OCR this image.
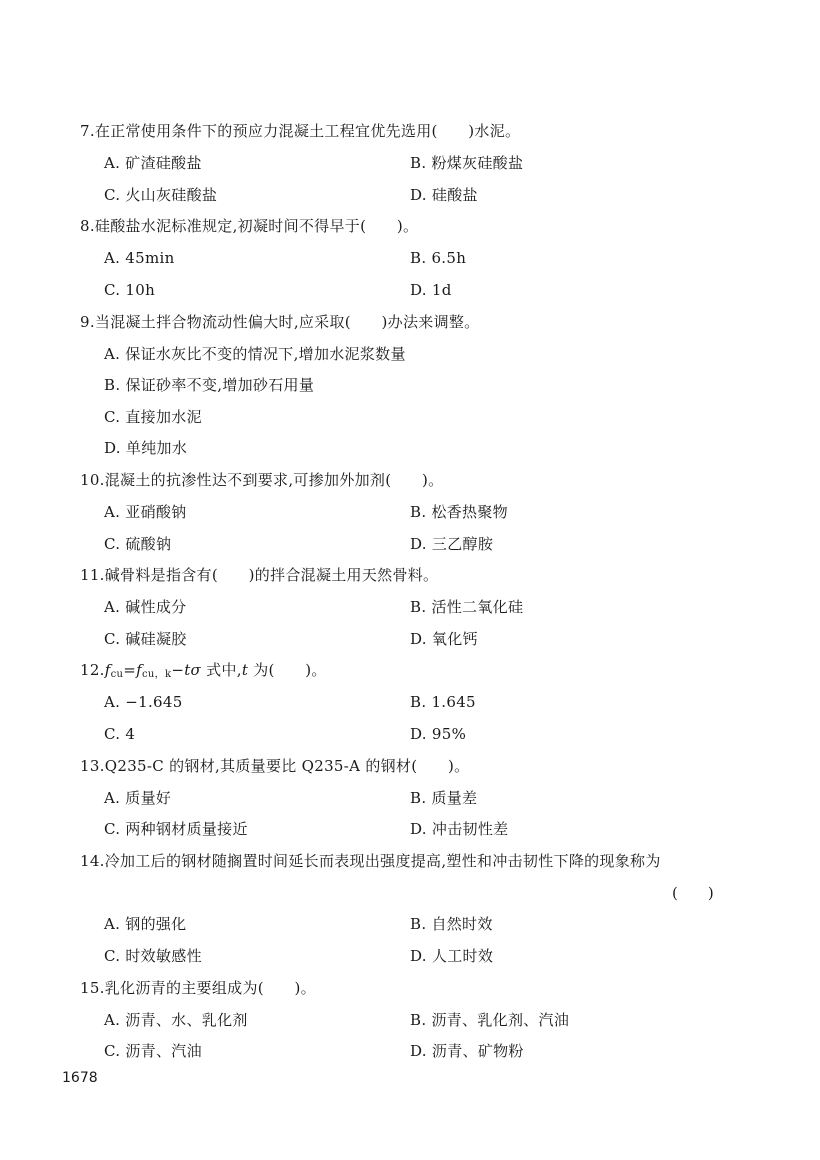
7.在正常使用条件下的预应力混凝土工程宜优先选用(　　)水泥。
A. 矿渣硅酸盐	B. 粉煤灰硅酸盐
C. 火山灰硅酸盐	D. 硅酸盐
8.硅酸盐水泥标准规定,初凝时间不得早于(　　)。
A. 45min	B. 6.5h
C. 10h	D. 1d
9.当混凝土拌合物流动性偏大时,应采取(　　)办法来调整。
A. 保证水灰比不变的情况下,增加水泥浆数量
B. 保证砂率不变,增加砂石用量
C. 直接加水泥
D. 单纯加水
10.混凝土的抗渗性达不到要求,可掺加外加剂(　　)。
A. 亚硝酸钠	B. 松香热聚物
C. 硫酸钠	D. 三乙醇胺
11.碱骨料是指含有(　　)的拌合混凝土用天然骨料。
A. 碱性成分	B. 活性二氧化硅
C. 碱硅凝胶	D. 氧化钙
$12.f_{cu}=f_{cu,k}-t\sigma$ 式中,t 为(　　)。
A. −1.645	B. 1.645
C. 4	D. 95%
13.Q235-C 的钢材,其质量要比 Q235-A 的钢材(　　)。
A. 质量好	B. 质量差
C. 两种钢材质量接近	D. 冲击韧性差
14.冷加工后的钢材随搁置时间延长而表现出强度提高,塑性和冲击韧性下降的现象称为
(　　)
A. 钢的强化	B. 自然时效
C. 时效敏感性	D. 人工时效
15.乳化沥青的主要组成为(　　)。
A. 沥青、水、乳化剂	B. 沥青、乳化剂、汽油
C. 沥青、汽油	D. 沥青、矿物粉
1678
